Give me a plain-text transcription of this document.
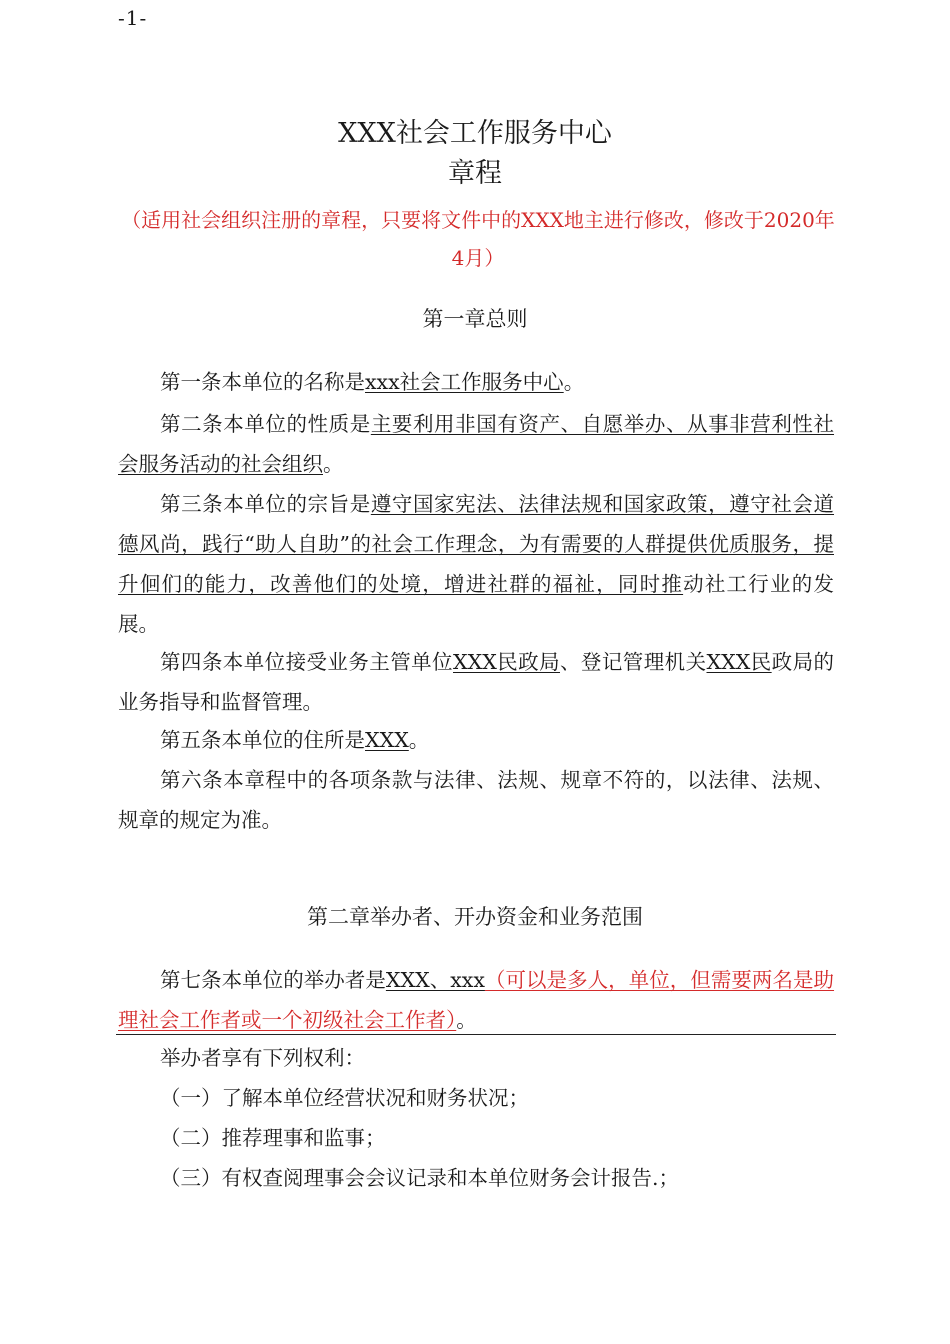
-1-
XXX社会工作服务中心
章程
（适用社会组织注册的章程，只要将文件中的XXX地主进行修改，修改于2020年4月）
第一章总则
第一条本单位的名称是xxx社会工作服务中心。
第二条本单位的性质是主要利用非国有资产、自愿举办、从事非营利性社会服务活动的社会组织。
第三条本单位的宗旨是遵守国家宪法、法律法规和国家政策，遵守社会道德风尚，践行“助人自助”的社会工作理念，为有需要的人群提供优质服务，提升佪们的能力，改善他们的处境，增进社群的福祉，同时推动社工行业的发展。
第四条本单位接受业务主管单位XXX民政局、登记管理机关XXX民政局的业务指导和监督管理。
第五条本单位的住所是XXX。
第六条本章程中的各项条款与法律、法规、规章不符的，以法律、法规、规章的规定为准。
第二章举办者、开办资金和业务范围
第七条本单位的举办者是XXX、xxx（可以是多人，单位，但需要两名是助理社会工作者或一个初级社会工作者）。
举办者享有下列权利：
（一）了解本单位经营状况和财务状况；
（二）推荐理事和监事；
（三）有权查阅理事会会议记录和本单位财务会计报告.；
